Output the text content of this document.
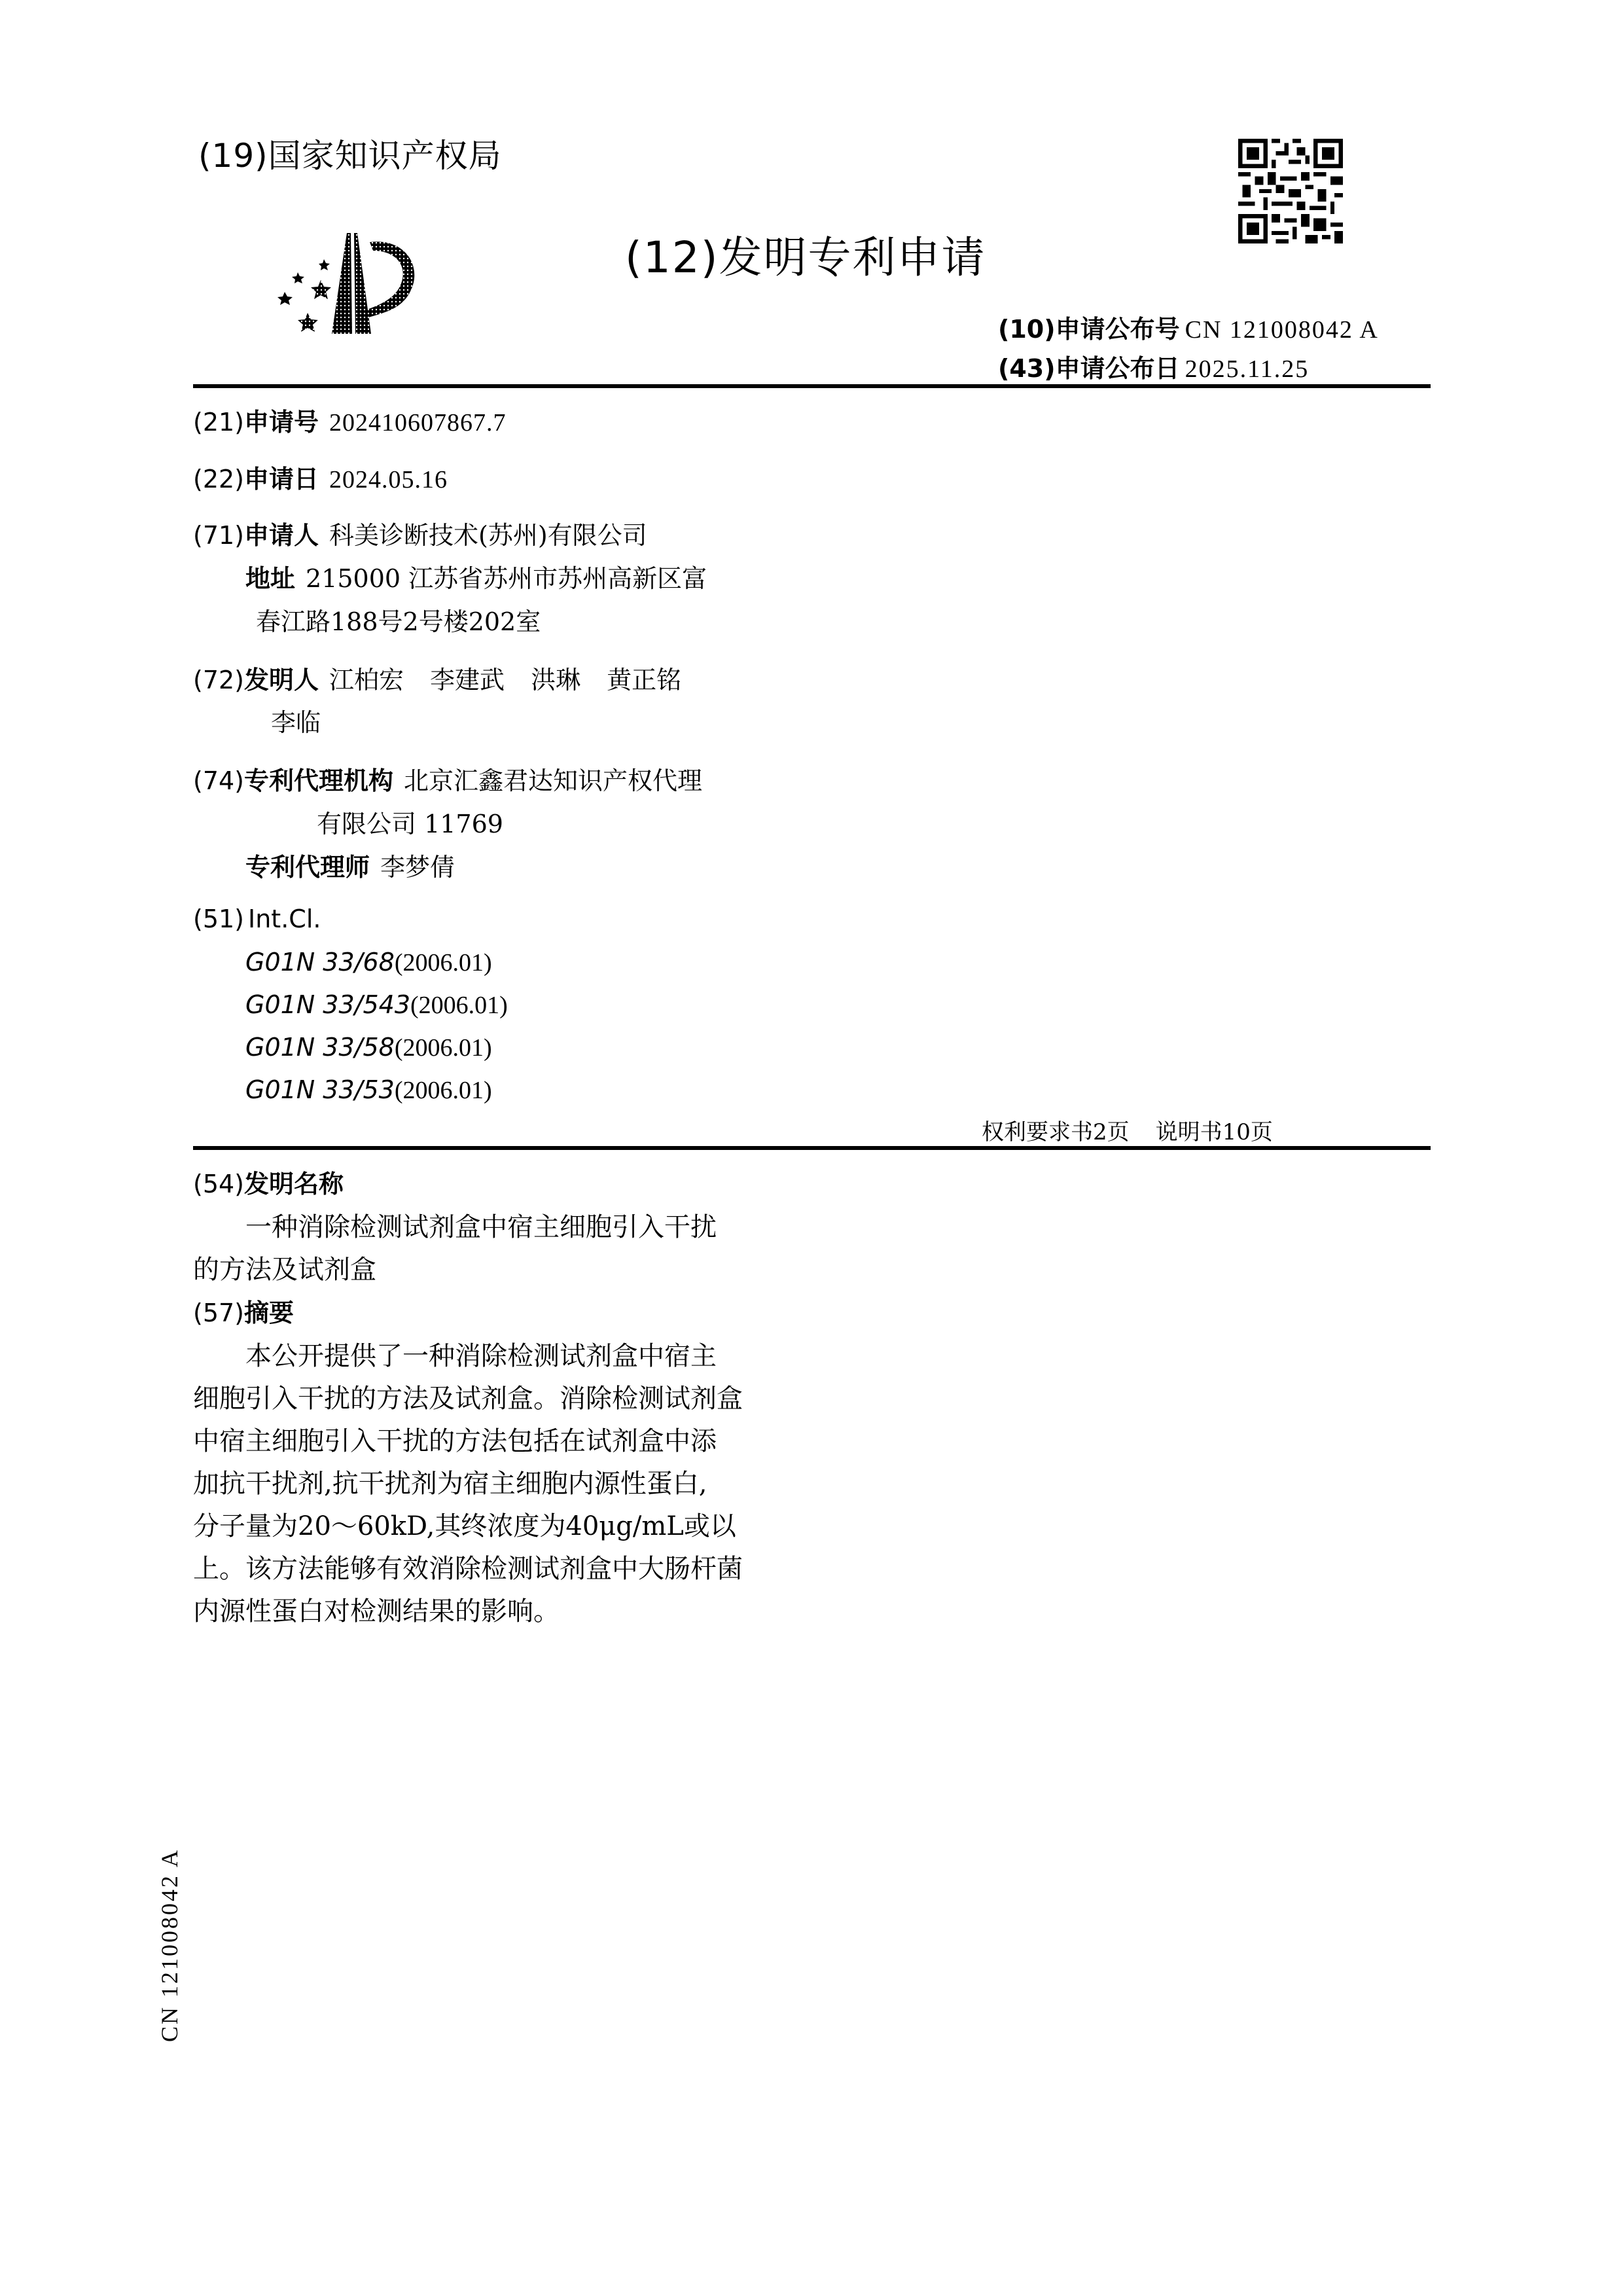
(19)国家知识产权局
(12)发明专利申请
(10)申请公布号 CN 121008042 A
(43)申请公布日 2025.11.25
(21)申请号 202410607867.7
(22)申请日 2024.05.16
(71)申请人 科美诊断技术(苏州)有限公司
地址 215000 江苏省苏州市苏州高新区富
春江路188号2号楼202室
(72)发明人 江柏宏 李建武 洪琳 黄正铭
李临
(74)专利代理机构 北京汇鑫君达知识产权代理
有限公司 11769
专利代理师 李梦倩
(51) Int.Cl.
G01N 33/68(2006.01)
G01N 33/543(2006.01)
G01N 33/58(2006.01)
G01N 33/53(2006.01)
权利要求书2页 说明书10页
(54)发明名称
一种消除检测试剂盒中宿主细胞引入干扰
的方法及试剂盒
(57)摘要
本公开提供了一种消除检测试剂盒中宿主
细胞引入干扰的方法及试剂盒。消除检测试剂盒
中宿主细胞引入干扰的方法包括在试剂盒中添
加抗干扰剂,抗干扰剂为宿主细胞内源性蛋白,
分子量为20～60kD,其终浓度为40μg/mL或以
上。该方法能够有效消除检测试剂盒中大肠杆菌
内源性蛋白对检测结果的影响。
CN 121008042 A
